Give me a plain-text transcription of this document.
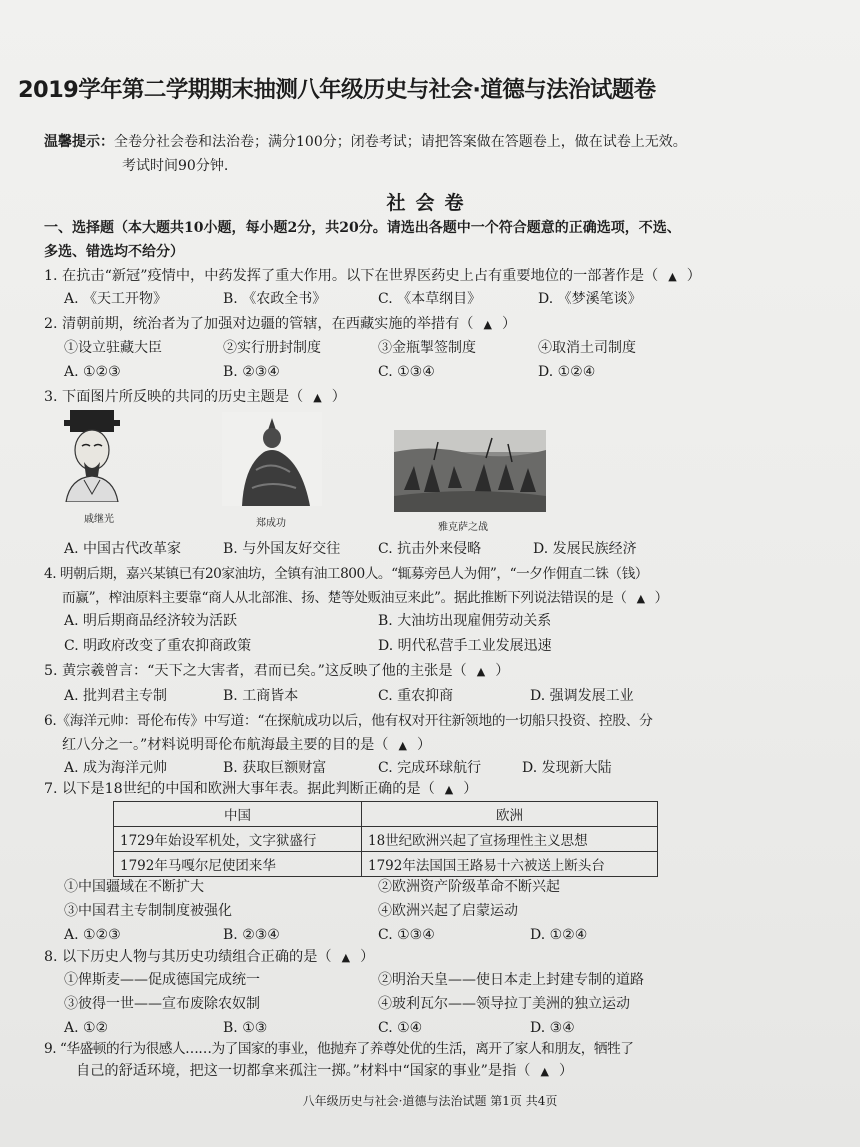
2019学年第二学期期末抽测八年级历史与社会·道德与法治试题卷
温馨提示：全卷分社会卷和法治卷；满分100分；闭卷考试；请把答案做在答题卷上，做在试卷上无效。
考试时间90分钟.
社会卷
一、选择题（本大题共10小题，每小题2分，共20分。请选出各题中一个符合题意的正确选项，不选、
多选、错选均不给分）
1. 在抗击“新冠”疫情中，中药发挥了重大作用。以下在世界医药史上占有重要地位的一部著作是（ ▲ ）
A. 《天工开物》	B. 《农政全书》	C. 《本草纲目》	D. 《梦溪笔谈》
2. 清朝前期，统治者为了加强对边疆的管辖，在西藏实施的举措有（ ▲ ）
①设立驻藏大臣	②实行册封制度	③金瓶掣签制度	④取消土司制度
A. ①②③	B. ②③④	C. ①③④	D. ①②④
3. 下面图片所反映的共同的历史主题是（ ▲ ）
戚继光	郑成功	雅克萨之战
A. 中国古代改革家	B. 与外国友好交往	C. 抗击外来侵略	D. 发展民族经济
4. 明朝后期，嘉兴某镇已有20家油坊，全镇有油工800人。“辄募旁邑人为佣”，“一夕作佣直二铢（钱）
而赢”，榨油原料主要靠“商人从北部淮、扬、楚等处贩油豆来此”。据此推断下列说法错误的是（ ▲ ）
A. 明后期商品经济较为活跃	B. 大油坊出现雇佣劳动关系
C. 明政府改变了重农抑商政策	D. 明代私营手工业发展迅速
5. 黄宗羲曾言：“天下之大害者，君而已矣。”这反映了他的主张是（ ▲ ）
A. 批判君主专制	B. 工商皆本	C. 重农抑商	D. 强调发展工业
6.《海洋元帅：哥伦布传》中写道：“在探航成功以后，他有权对开往新领地的一切船只投资、控股、分
红八分之一。”材料说明哥伦布航海最主要的目的是（ ▲ ）
A. 成为海洋元帅	B. 获取巨额财富	C. 完成环球航行	D. 发现新大陆
7. 以下是18世纪的中国和欧洲大事年表。据此判断正确的是（ ▲ ）
中国	欧洲
1729年始设军机处，文字狱盛行	18世纪欧洲兴起了宣扬理性主义思想
1792年马嘎尔尼使团来华	1792年法国国王路易十六被送上断头台
①中国疆域在不断扩大	②欧洲资产阶级革命不断兴起
③中国君主专制制度被强化	④欧洲兴起了启蒙运动
A. ①②③	B. ②③④	C. ①③④	D. ①②④
8. 以下历史人物与其历史功绩组合正确的是（ ▲ ）
①俾斯麦——促成德国完成统一	②明治天皇——使日本走上封建专制的道路
③彼得一世——宣布废除农奴制	④玻利瓦尔——领导拉丁美洲的独立运动
A. ①②	B. ①③	C. ①④	D. ③④
9. “华盛顿的行为很感人……为了国家的事业，他抛弃了养尊处优的生活，离开了家人和朋友，牺牲了
自己的舒适环境，把这一切都拿来孤注一掷。”材料中“国家的事业”是指（ ▲ ）
八年级历史与社会·道德与法治试题 第1页 共4页
